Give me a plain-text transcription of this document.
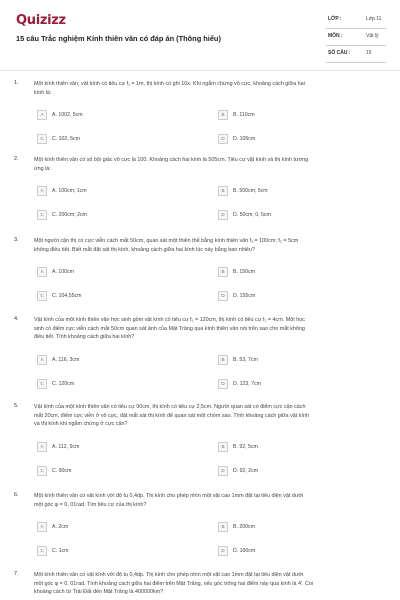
Quizizz
15 câu Trắc nghiệm Kính thiên văn có đáp án (Thông hiểu)
LỚP :	Lớp 11
MÔN :	Vật lý
SỐ CÂU :	15
1.	Một kính thiên văn, vật kính có tiêu cự f₁ = 1m, thị kính có ghi 10x. Khi ngắm chừng vô cực, khoảng cách giữa hai
kính là:
A	A. 1002, 5cm	B	B. 110cm
C	C. 102, 5cm	D	D. 105cm
2.	Một kính thiên văn có số bội giác vô cực là 100. Khoảng cách hai kính là 505cm. Tiêu cự vật kính và thị kính tương
ứng là:
A	A. 100cm; 1cm	B	B. 500cm; 5cm
C	C. 200cm; 2cm	D	D. 50cm; 0, 5cm
3.	Một người cận thị có cực viễn cách mắt 50cm, quan sát một thiên thể bằng kính thiên văn f₁ = 100cm; f₂ = 5cm
không điều tiết. Biết mắt đặt sát thị kính, khoảng cách giữa hai kính lúc này bằng bao nhiêu?
A	A. 100cm	B	B. 150cm
C	C. 104,55cm	D	D. 155cm
4.	Vật kính của một kính thiên văn học sinh gồm vật kính có tiêu cự f₁ = 120cm, thị kính có tiêu cự f₂ = 4cm. Một học
sinh có điểm cực viễn cách mắt 50cm quan sát ảnh của Mặt Trăng qua kính thiên văn nói trên sao cho mắt không
điều tiết. Tính khoảng cách giữa hai kính?
A	A. 116, 3cm	B	B. 53, 7cm
C	C. 120cm	D	D. 123, 7cm
5.	Vật kính của một kính thiên văn có tiêu cự 90cm, thị kính có tiêu cự 2,5cm. Người quan sát có điểm cực cận cách
mắt 20cm, điểm cực viễn ở vô cực, đặt mắt sát thị kính để quan sát một chòm sao. Tính khoảng cách giữa vật kính
và thị kính khi ngắm chừng ở cực cận?
A	A. 112, 5cm	B	B. 92, 5cm
C	C. 90cm	D	D. 92, 2cm
6.	Một kính thiên văn có vật kính với độ tụ 0,4dp. Thị kính cho phép nhìn một vật cao 1mm đặt tại tiêu diện vật dưới
một góc φ = 0, 01rad. Tìm tiêu cự của thị kính?
A	A. 2cm	B	B. 200cm
C	C. 1cm	D	D. 100cm
7.	Một kính thiên văn có vật kính với độ tụ 0,4dp. Thị kính cho phép nhìn một vật cao 1mm đặt tại tiêu diện vật dưới
một góc φ = 0, 01rad. Tính khoảng cách giữa hai điểm trên Mặt Trăng, nếu góc trông hai điểm này qua kính là 4'. Coi
khoảng cách từ Trái Đất đến Mặt Trăng là 400000km?
